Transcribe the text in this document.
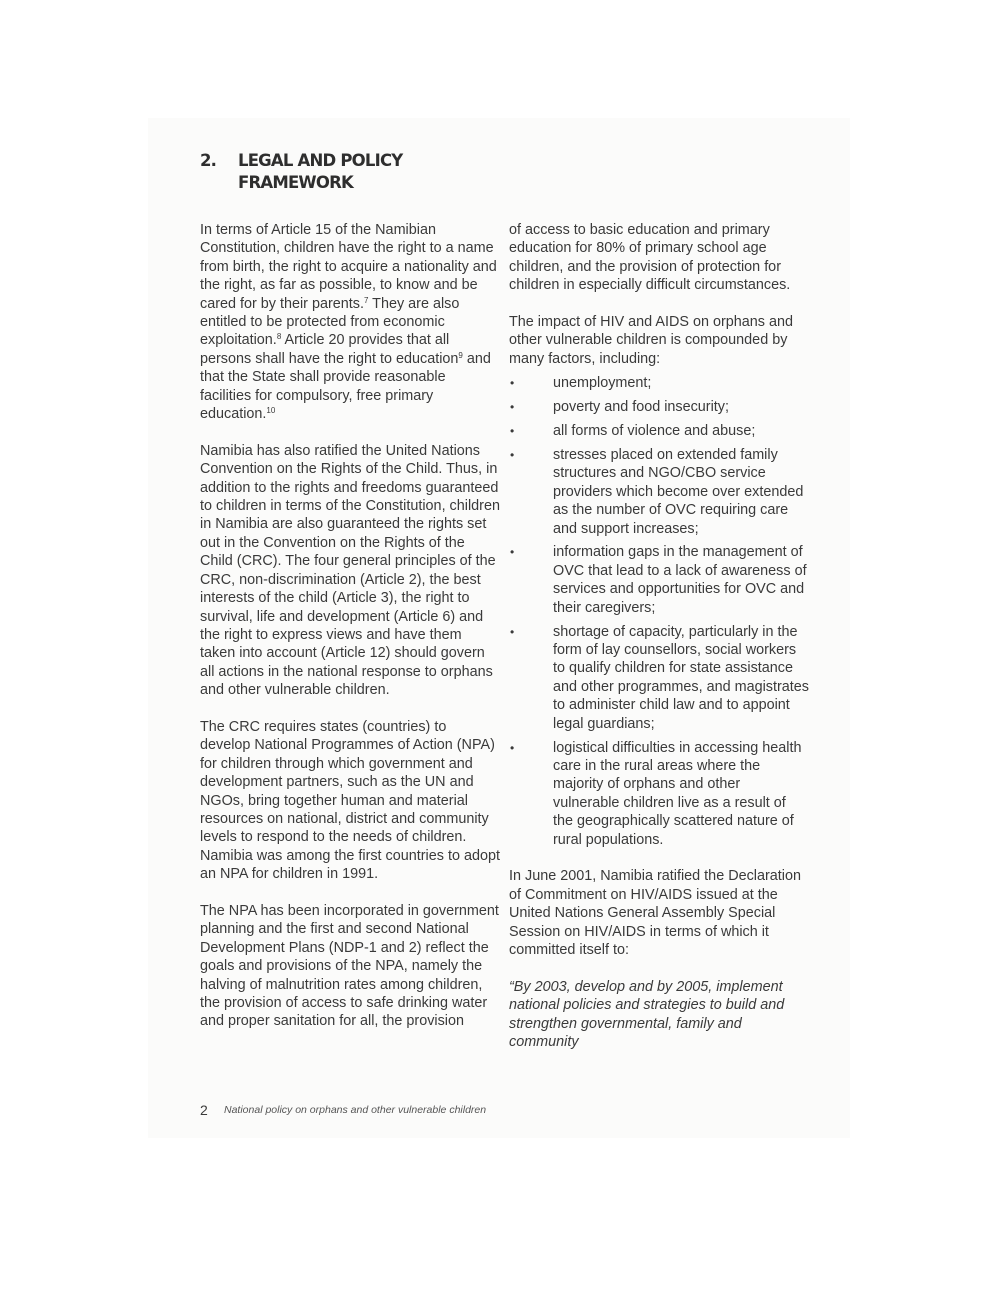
2. LEGAL AND POLICY
FRAMEWORK

In terms of Article 15 of the Namibian Constitution, children have the right to a name from birth, the right to acquire a nationality and the right, as far as possible, to know and be cared for by their parents.$^7$ They are also entitled to be protected from economic exploitation.$^8$ Article 20 provides that all persons shall have the right to education$^9$ and that the State shall provide reasonable facilities for compulsory, free primary education.$^{10}$

Namibia has also ratified the United Nations Convention on the Rights of the Child. Thus, in addition to the rights and freedoms guaranteed to children in terms of the Constitution, children in Namibia are also guaranteed the rights set out in the Convention on the Rights of the Child (CRC). The four general principles of the CRC, non-discrimination (Article 2), the best interests of the child (Article 3), the right to survival, life and development (Article 6) and the right to express views and have them taken into account (Article 12) should govern all actions in the national response to orphans and other vulnerable children.

The CRC requires states (countries) to develop National Programmes of Action (NPA) for children through which government and development partners, such as the UN and NGOs, bring together human and material resources on national, district and community levels to respond to the needs of children. Namibia was among the first countries to adopt an NPA for children in 1991.

The NPA has been incorporated in government planning and the first and second National Development Plans (NDP-1 and 2) reflect the goals and provisions of the NPA, namely the halving of malnutrition rates among children, the provision of access to safe drinking water and proper sanitation for all, the provision

of access to basic education and primary education for 80% of primary school age children, and the provision of protection for children in especially difficult circumstances.

The impact of HIV and AIDS on orphans and other vulnerable children is compounded by many factors, including:

•	unemployment;
•	poverty and food insecurity;
•	all forms of violence and abuse;
•	stresses placed on extended family structures and NGO/CBO service providers which become over extended as the number of OVC requiring care and support increases;
•	information gaps in the management of OVC that lead to a lack of awareness of services and opportunities for OVC and their caregivers;
•	shortage of capacity, particularly in the form of lay counsellors, social workers to qualify children for state assistance and other programmes, and magistrates to administer child law and to appoint legal guardians;
•	logistical difficulties in accessing health care in the rural areas where the majority of orphans and other vulnerable children live as a result of the geographically scattered nature of rural populations.

In June 2001, Namibia ratified the Declaration of Commitment on HIV/AIDS issued at the United Nations General Assembly Special Session on HIV/AIDS in terms of which it committed itself to:

“By 2003, develop and by 2005, implement national policies and strategies to build and strengthen governmental, family and community

2 National policy on orphans and other vulnerable children
